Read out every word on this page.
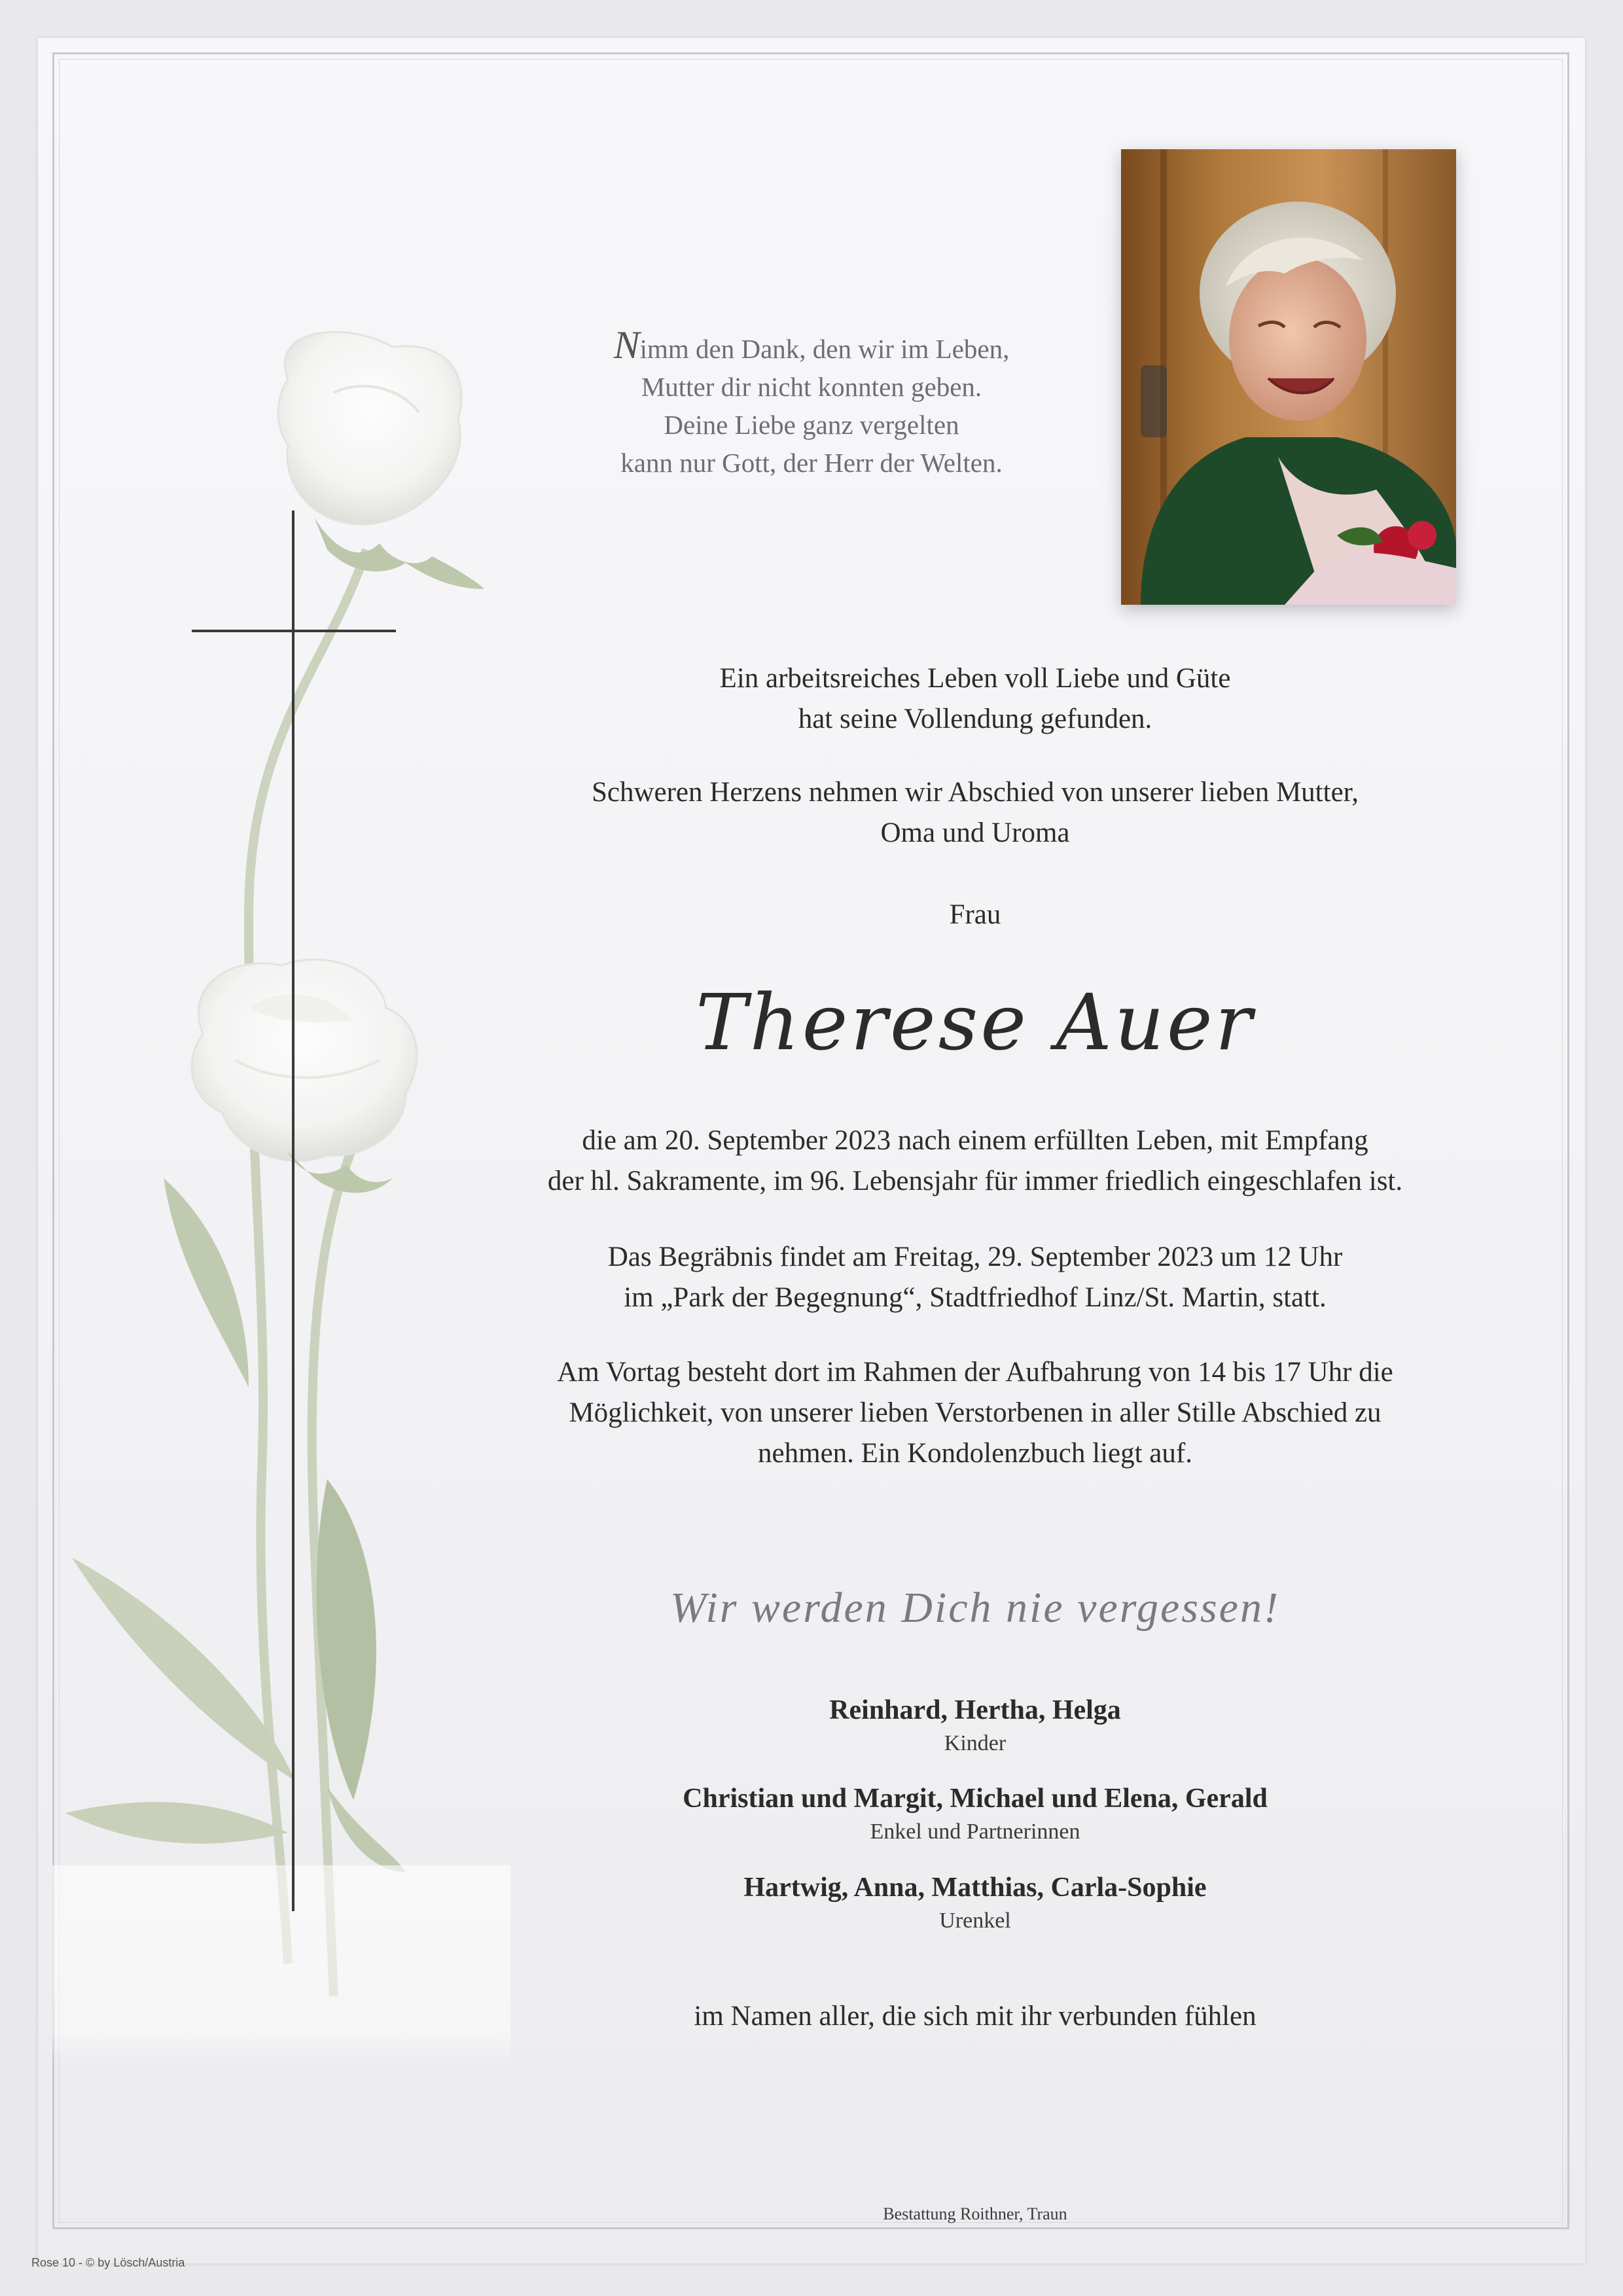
Nimm den Dank, den wir im Leben,
Mutter dir nicht konnten geben.
Deine Liebe ganz vergelten
kann nur Gott, der Herr der Welten.
Ein arbeitsreiches Leben voll Liebe und Güte
hat seine Vollendung gefunden.
Schweren Herzens nehmen wir Abschied von unserer lieben Mutter,
Oma und Uroma
Frau
Therese Auer
die am 20. September 2023 nach einem erfüllten Leben, mit Empfang
der hl. Sakramente, im 96. Lebensjahr für immer friedlich eingeschlafen ist.
Das Begräbnis findet am Freitag, 29. September 2023 um 12 Uhr
im „Park der Begegnung“, Stadtfriedhof Linz/St. Martin, statt.
Am Vortag besteht dort im Rahmen der Aufbahrung von 14 bis 17 Uhr die
Möglichkeit, von unserer lieben Verstorbenen in aller Stille Abschied zu
nehmen. Ein Kondolenzbuch liegt auf.
Wir werden Dich nie vergessen!
Reinhard, Hertha, Helga
Kinder
Christian und Margit, Michael und Elena, Gerald
Enkel und Partnerinnen
Hartwig, Anna, Matthias, Carla-Sophie
Urenkel
im Namen aller, die sich mit ihr verbunden fühlen
Bestattung Roithner, Traun
Rose 10 - © by Lösch/Austria
